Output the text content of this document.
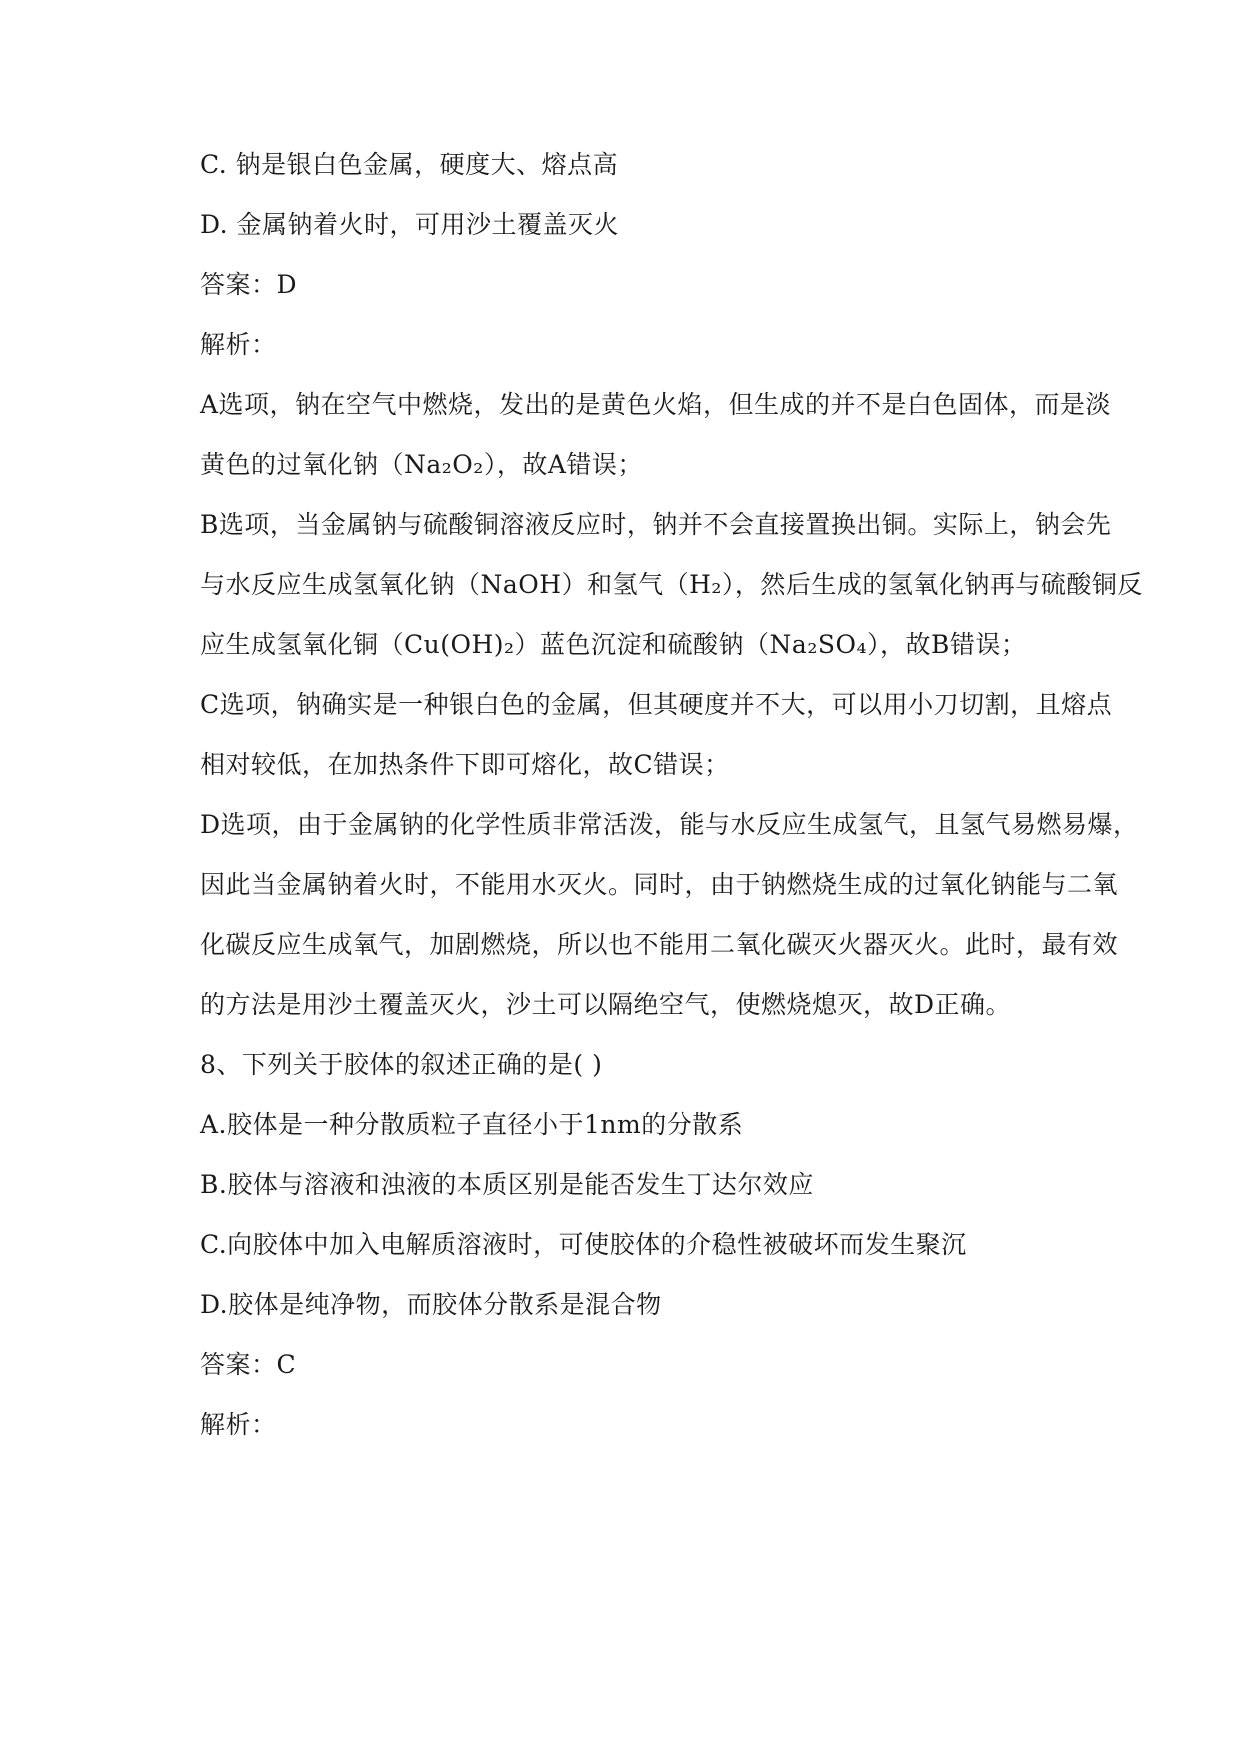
C. 钠是银白色金属，硬度大、熔点高
D. 金属钠着火时，可用沙土覆盖灭火
答案：D
解析：
A选项，钠在空气中燃烧，发出的是黄色火焰，但生成的并不是白色固体，而是淡
黄色的过氧化钠（Na₂O₂），故A错误；
B选项，当金属钠与硫酸铜溶液反应时，钠并不会直接置换出铜。实际上，钠会先
与水反应生成氢氧化钠（NaOH）和氢气（H₂），然后生成的氢氧化钠再与硫酸铜反
应生成氢氧化铜（Cu(OH)₂）蓝色沉淀和硫酸钠（Na₂SO₄），故B错误；
C选项，钠确实是一种银白色的金属，但其硬度并不大，可以用小刀切割，且熔点
相对较低，在加热条件下即可熔化，故C错误；
D选项，由于金属钠的化学性质非常活泼，能与水反应生成氢气，且氢气易燃易爆，
因此当金属钠着火时，不能用水灭火。同时，由于钠燃烧生成的过氧化钠能与二氧
化碳反应生成氧气，加剧燃烧，所以也不能用二氧化碳灭火器灭火。此时，最有效
的方法是用沙土覆盖灭火，沙土可以隔绝空气，使燃烧熄灭，故D正确。
8、下列关于胶体的叙述正确的是( )
A.胶体是一种分散质粒子直径小于1nm的分散系
B.胶体与溶液和浊液的本质区别是能否发生丁达尔效应
C.向胶体中加入电解质溶液时，可使胶体的介稳性被破坏而发生聚沉
D.胶体是纯净物，而胶体分散系是混合物
答案：C
解析：
